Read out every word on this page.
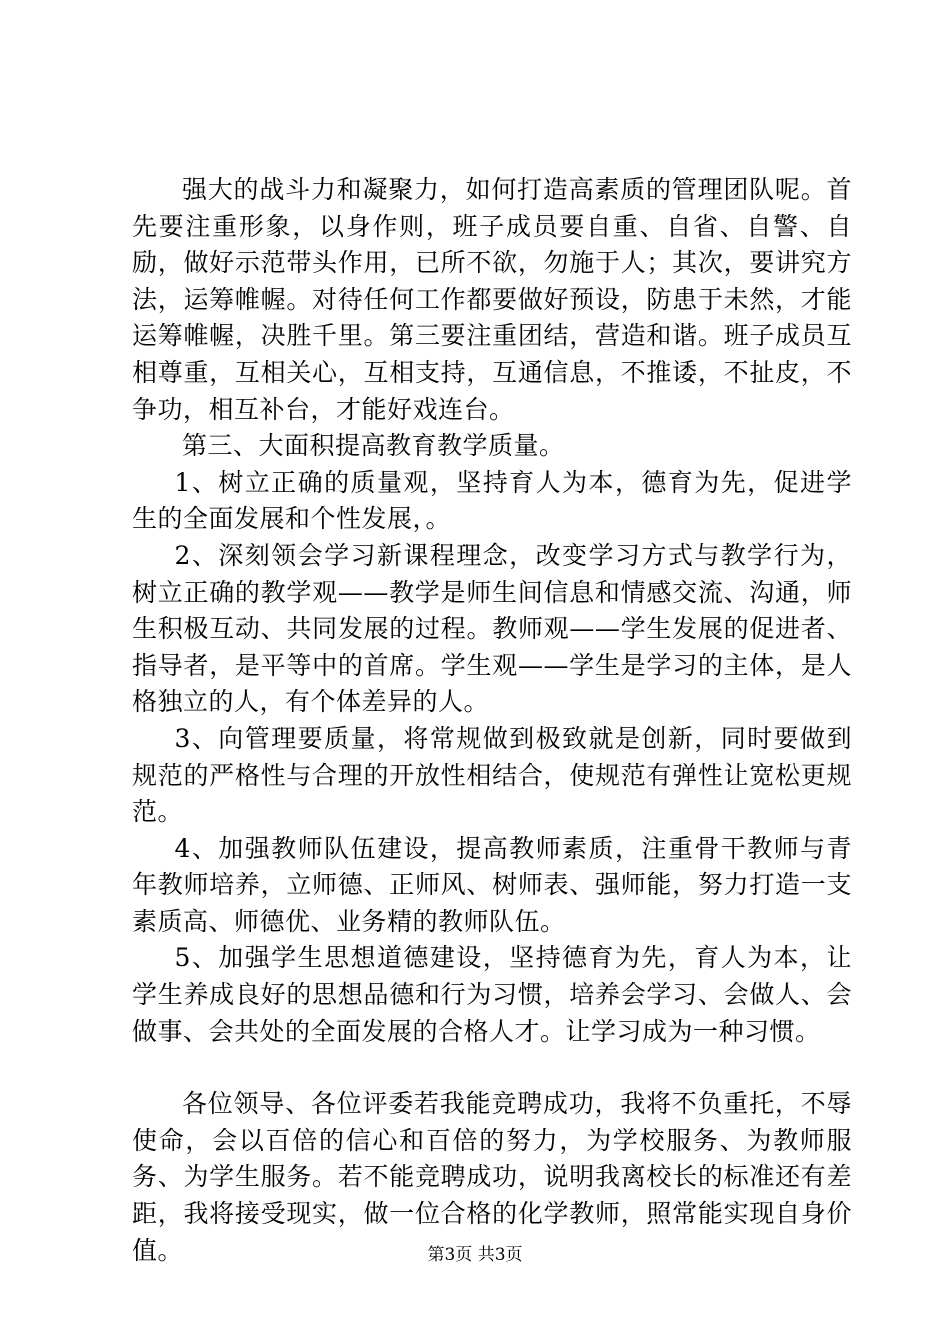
强大的战斗力和凝聚力，如何打造高素质的管理团队呢。首先要注重形象，以身作则，班子成员要自重、自省、自警、自励，做好示范带头作用，已所不欲，勿施于人；其次，要讲究方法，运筹帷幄。对待任何工作都要做好预设，防患于未然，才能运筹帷幄，决胜千里。第三要注重团结，营造和谐。班子成员互相尊重，互相关心，互相支持，互通信息，不推诿，不扯皮，不争功，相互补台，才能好戏连台。

第三、大面积提高教育教学质量。

1、树立正确的质量观，坚持育人为本，德育为先，促进学生的全面发展和个性发展，。

2、深刻领会学习新课程理念，改变学习方式与教学行为，树立正确的教学观——教学是师生间信息和情感交流、沟通，师生积极互动、共同发展的过程。教师观——学生发展的促进者、指导者，是平等中的首席。学生观——学生是学习的主体，是人格独立的人，有个体差异的人。

3、向管理要质量，将常规做到极致就是创新，同时要做到规范的严格性与合理的开放性相结合，使规范有弹性让宽松更规范。

4、加强教师队伍建设，提高教师素质，注重骨干教师与青年教师培养，立师德、正师风、树师表、强师能，努力打造一支素质高、师德优、业务精的教师队伍。

5、加强学生思想道德建设，坚持德育为先，育人为本，让学生养成良好的思想品德和行为习惯，培养会学习、会做人、会做事、会共处的全面发展的合格人才。让学习成为一种习惯。

各位领导、各位评委若我能竞聘成功，我将不负重托，不辱使命，会以百倍的信心和百倍的努力，为学校服务、为教师服务、为学生服务。若不能竞聘成功，说明我离校长的标准还有差距，我将接受现实，做一位合格的化学教师，照常能实现自身价值。	第3页 共3页
